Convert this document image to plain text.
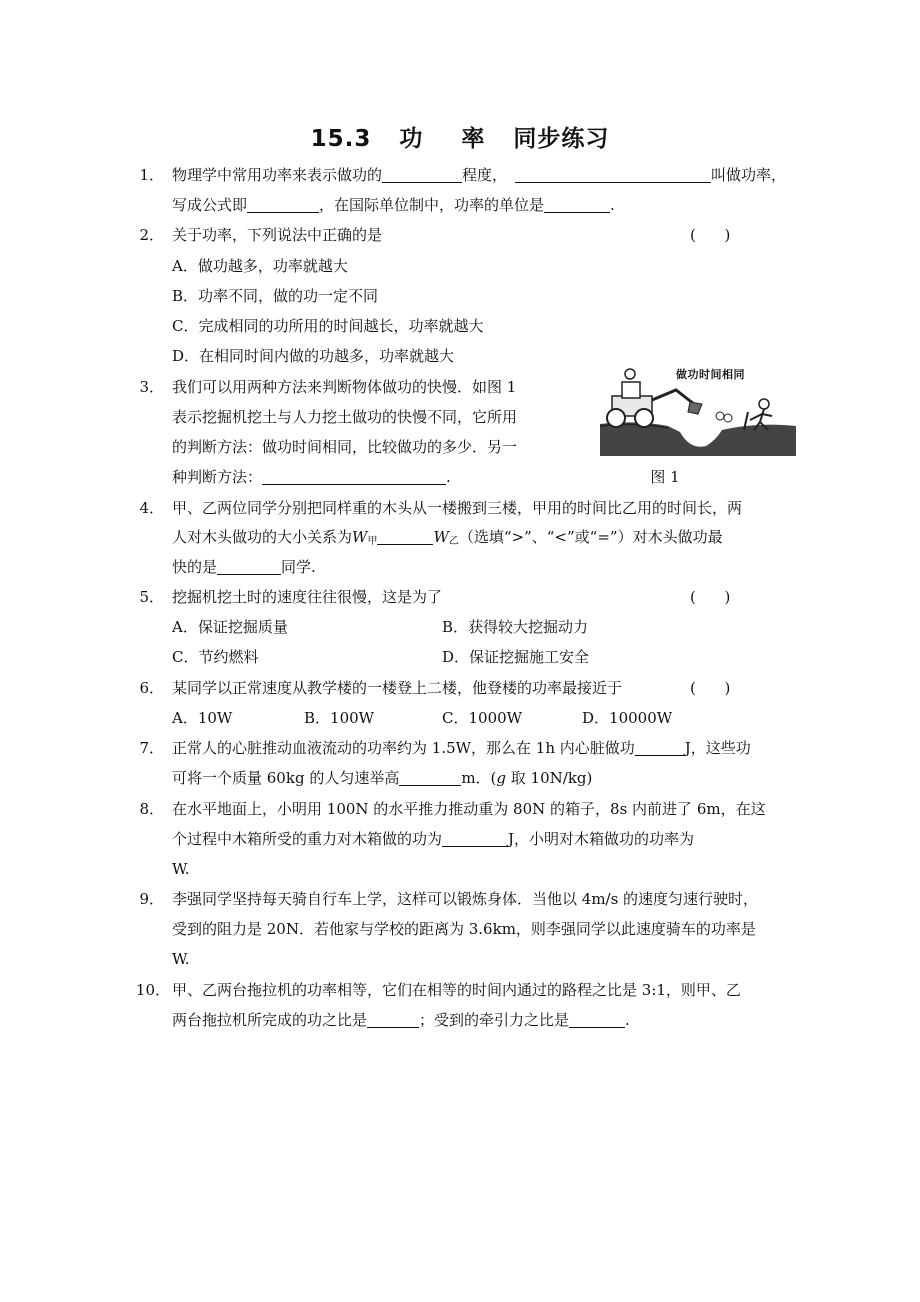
15.3 功 率 同步练习
1． 物理学中常用功率来表示做功的	程度，	叫做功率，
写成公式即	，在国际单位制中，功率的单位是	.
2． 关于功率，下列说法中正确的是	(      )
A．做功越多，功率就越大
B．功率不同，做的功一定不同
C．完成相同的功所用的时间越长，功率就越大
D．在相同时间内做的功越多，功率就越大
3． 我们可以用两种方法来判断物体做功的快慢．如图 1
表示挖掘机挖土与人力挖土做功的快慢不同，它所用
的判断方法：做功时间相同，比较做功的多少．另一
种判断方法：	.
做功时间相同
图 1
4． 甲、乙两位同学分别把同样重的木头从一楼搬到三楼，甲用的时间比乙用的时间长，两
人对木头做功的大小关系为$W_甲$	$W_乙$（选填“>”、“<”或“=”）对木头做功最
快的是	同学.
5． 挖掘机挖土时的速度往往很慢，这是为了	(      )
A．保证挖掘质量	B．获得较大挖掘动力
C．节约燃料	D．保证挖掘施工安全
6． 某同学以正常速度从教学楼的一楼登上二楼，他登楼的功率最接近于	(      )
A．10W	B．100W	C．1000W	D．10000W
7． 正常人的心脏推动血液流动的功率约为 1.5W，那么在 1h 内心脏做功	J，这些功
可将一个质量 60kg 的人匀速举高	m．(g 取 10N/kg)
8． 在水平地面上，小明用 100N 的水平推力推动重为 80N 的箱子，8s 内前进了 6m，在这
个过程中木箱所受的重力对木箱做的功为	J，小明对木箱做功的功率为
W.
9． 李强同学坚持每天骑自行车上学，这样可以锻炼身体．当他以 4m/s 的速度匀速行驶时，
受到的阻力是 20N．若他家与学校的距离为 3.6km，则李强同学以此速度骑车的功率是
W.
10． 甲、乙两台拖拉机的功率相等，它们在相等的时间内通过的路程之比是 3:1，则甲、乙
两台拖拉机所完成的功之比是	；受到的牵引力之比是	.
